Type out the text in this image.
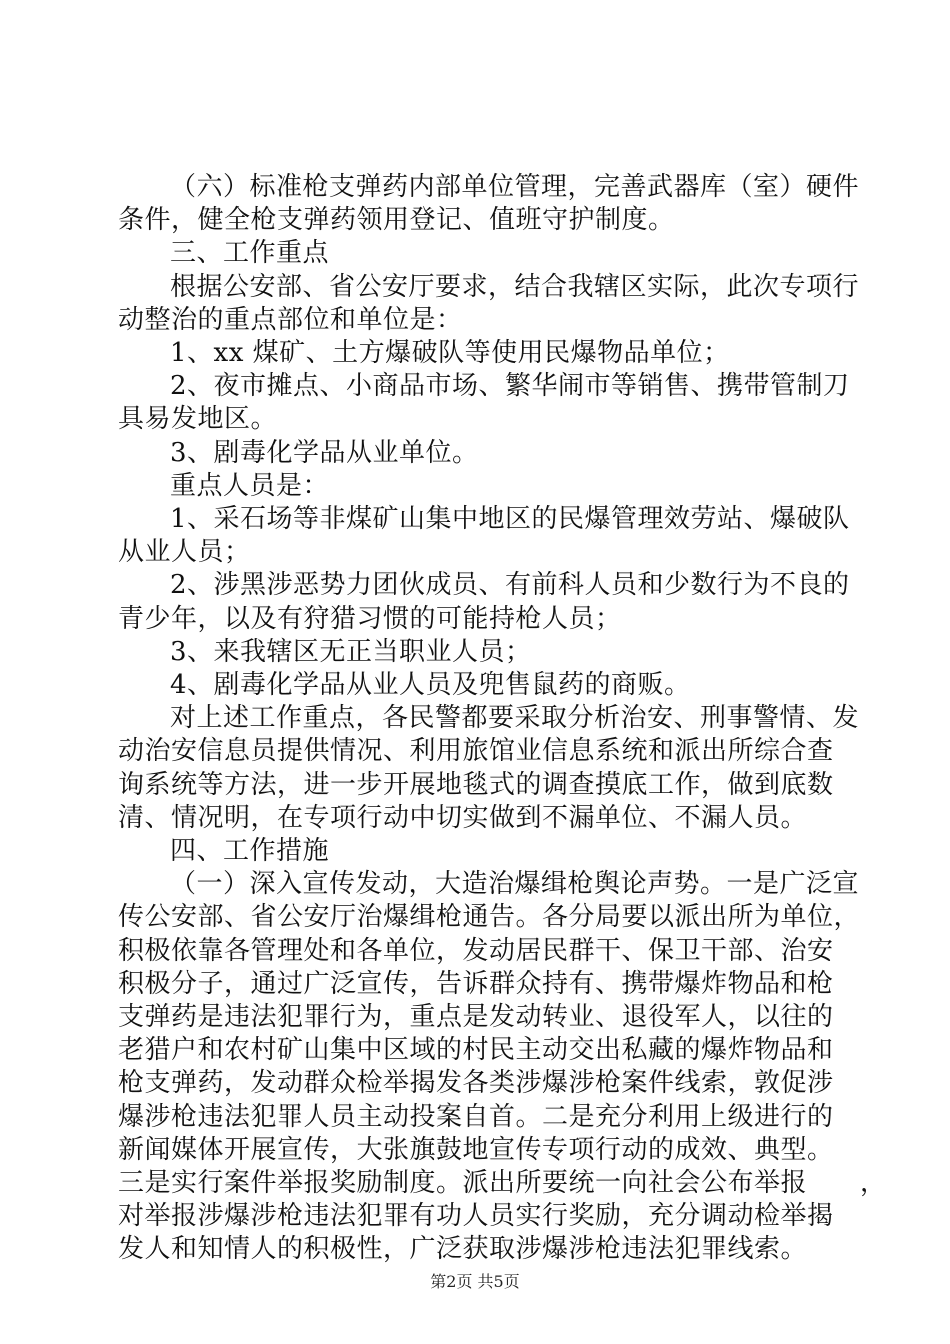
第2页 共5页
（六）标准枪支弹药内部单位管理，完善武器库（室）硬件
条件，健全枪支弹药领用登记、值班守护制度。
三、工作重点
根据公安部、省公安厅要求，结合我辖区实际，此次专项行
动整治的重点部位和单位是：
1、xx 煤矿、土方爆破队等使用民爆物品单位；
2、夜市摊点、小商品市场、繁华闹市等销售、携带管制刀
具易发地区。
3、剧毒化学品从业单位。
重点人员是：
1、采石场等非煤矿山集中地区的民爆管理效劳站、爆破队
从业人员；
2、涉黑涉恶势力团伙成员、有前科人员和少数行为不良的
青少年，以及有狩猎习惯的可能持枪人员；
3、来我辖区无正当职业人员；
4、剧毒化学品从业人员及兜售鼠药的商贩。
对上述工作重点，各民警都要采取分析治安、刑事警情、发
动治安信息员提供情况、利用旅馆业信息系统和派出所综合查
询系统等方法，进一步开展地毯式的调查摸底工作，做到底数
清、情况明，在专项行动中切实做到不漏单位、不漏人员。
四、工作措施
（一）深入宣传发动，大造治爆缉枪舆论声势。一是广泛宣
传公安部、省公安厅治爆缉枪通告。各分局要以派出所为单位，
积极依靠各管理处和各单位，发动居民群干、保卫干部、治安
积极分子，通过广泛宣传，告诉群众持有、携带爆炸物品和枪
支弹药是违法犯罪行为，重点是发动转业、退役军人，以往的
老猎户和农村矿山集中区域的村民主动交出私藏的爆炸物品和
枪支弹药，发动群众检举揭发各类涉爆涉枪案件线索，敦促涉
爆涉枪违法犯罪人员主动投案自首。二是充分利用上级进行的
新闻媒体开展宣传，大张旗鼓地宣传专项行动的成效、典型。
三是实行案件举报奖励制度。派出所要统一向社会公布举报　　，
对举报涉爆涉枪违法犯罪有功人员实行奖励，充分调动检举揭
发人和知情人的积极性，广泛获取涉爆涉枪违法犯罪线索。
